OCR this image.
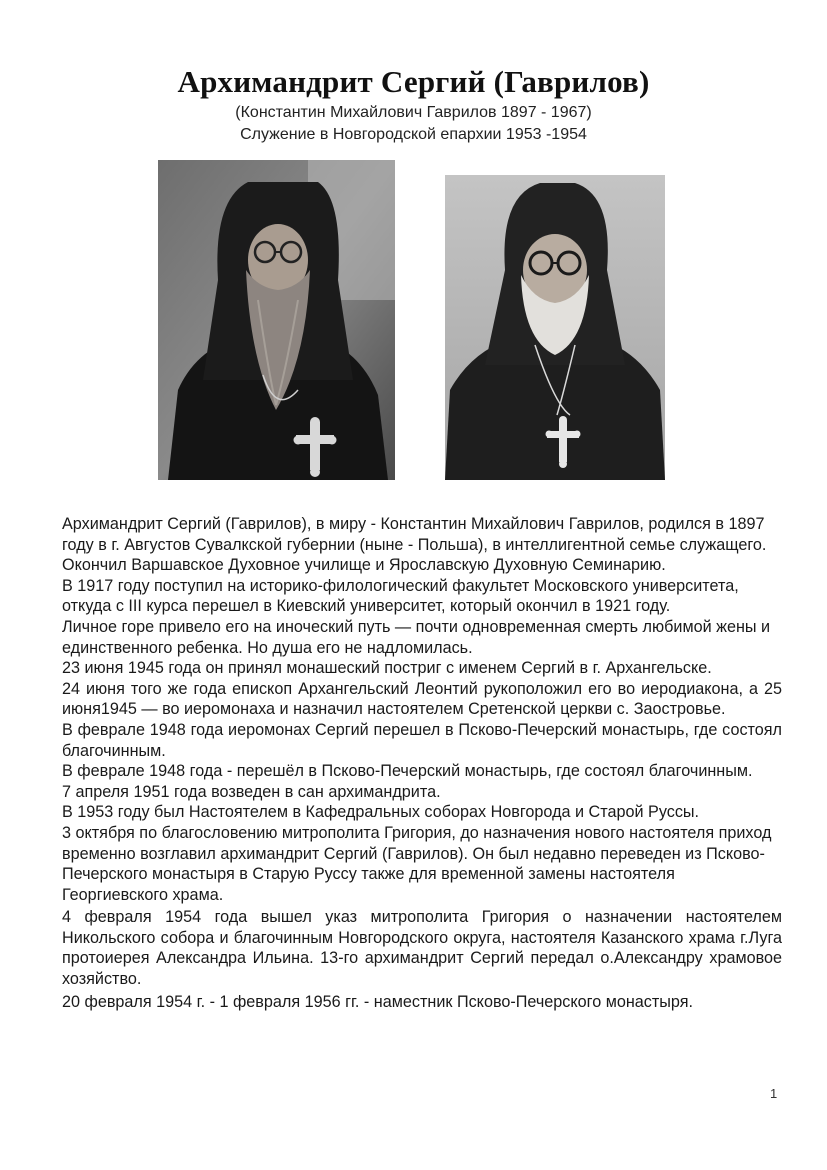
Архимандрит Сергий (Гаврилов)
(Константин Михайлович Гаврилов 1897 - 1967)
Служение в Новгородской епархии 1953 -1954

Архимандрит Сергий (Гаврилов), в миру - Константин Михайлович Гаврилов, родился в 1897 году в г. Августов Сувалкской губернии (ныне - Польша), в интеллигентной семье служащего.

Окончил Варшавское Духовное училище и Ярославскую Духовную Семинарию.

В 1917 году поступил на историко-филологический факультет Московского университета, откуда с III курса перешел в Киевский университет, который окончил в 1921 году.

Личное горе привело его на иноческий путь — почти одновременная смерть любимой жены и единственного ребенка. Но душа его не надломилась.

23 июня 1945 года он принял монашеский постриг с именем Сергий в г. Архангельске.

24 июня того же года епископ Архангельский Леонтий рукоположил его во иеродиакона, а 25 июня1945 — во иеромонаха и назначил настоятелем Сретенской церкви с. Заостровье.

В феврале 1948 года иеромонах Сергий перешел в Псково-Печерский монастырь, где состоял благочинным.

В феврале 1948 года - перешёл в Псково-Печерский монастырь, где состоял благочинным.

7 апреля 1951 года возведен в сан архимандрита.

В 1953 году был Настоятелем в Кафедральных соборах Новгорода и Старой Руссы.

3 октября по благословению митрополита Григория, до назначения нового настоятеля приход временно возглавил архимандрит Сергий (Гаврилов). Он был недавно переведен из Псково-Печерского монастыря в Старую Руссу также для временной замены настоятеля Георгиевского храма.

4 февраля 1954 года вышел указ митрополита Григория о назначении настоятелем Никольского собора и благочинным Новгородского округа, настоятеля Казанского храма г.Луга протоиерея Александра Ильина. 13-го архимандрит Сергий передал о.Александру храмовое хозяйство.

20 февраля 1954 г. - 1 февраля 1956 гг. - наместник Псково-Печерского монастыря.

1
